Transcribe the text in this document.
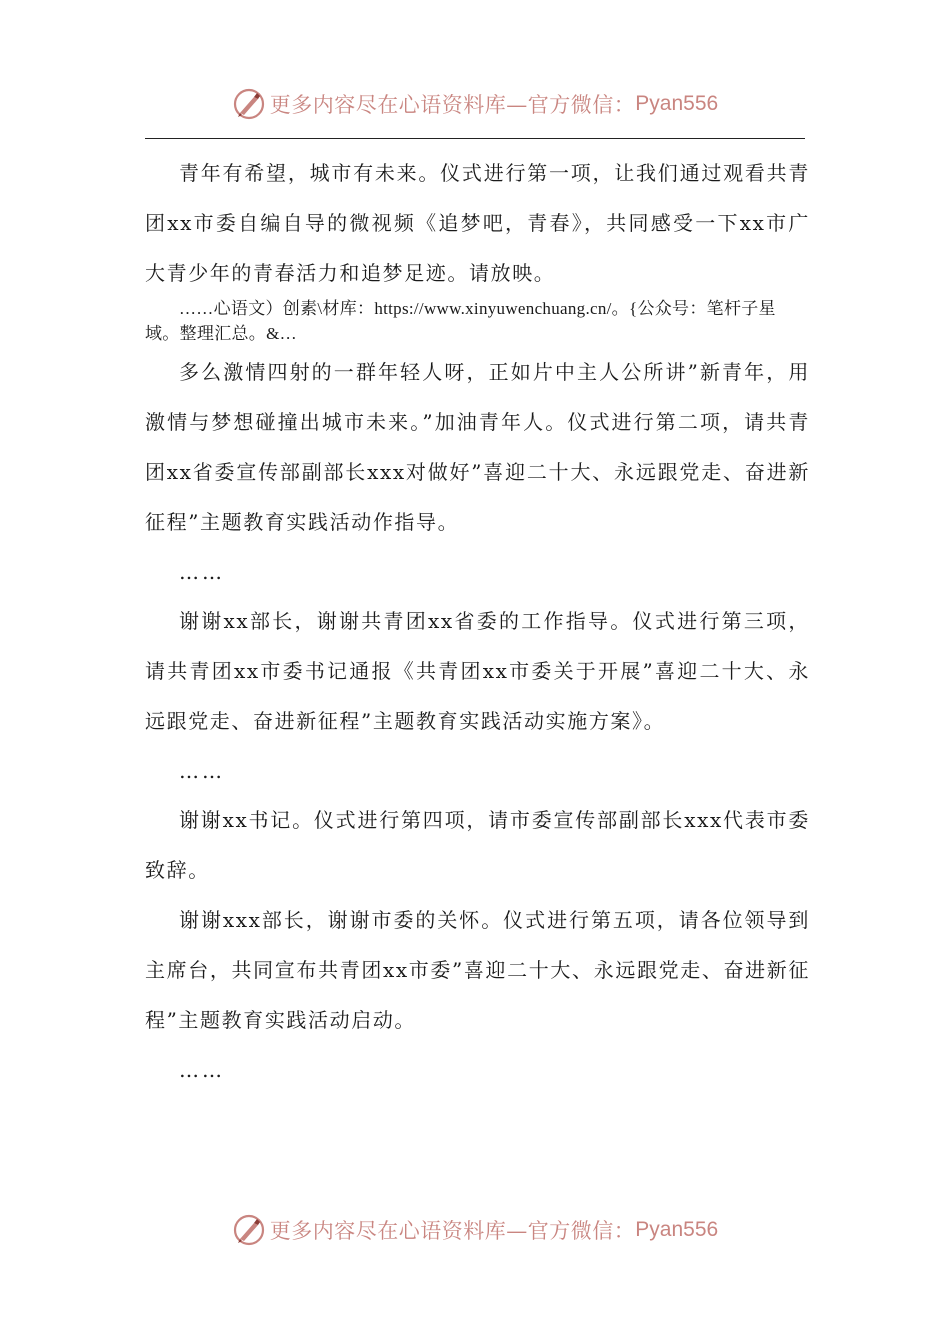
更多内容尽在心语资料库—官方微信： Pyan556

青年有希望，城市有未来。仪式进行第一项，让我们通过观看共青团xx市委自编自导的微视频《追梦吧，青春》，共同感受一下xx市广大青少年的青春活力和追梦足迹。请放映。

……心语文）创素\材库：https://www.xinyuwenchuang.cn/。{公众号：笔杆子星域。整理汇总。&…

多么激情四射的一群年轻人呀，正如片中主人公所讲”新青年，用激情与梦想碰撞出城市未来。”加油青年人。仪式进行第二项，请共青团xx省委宣传部副部长xxx对做好”喜迎二十大、永远跟党走、奋进新征程”主题教育实践活动作指导。

……

谢谢xx部长，谢谢共青团xx省委的工作指导。仪式进行第三项，请共青团xx市委书记通报《共青团xx市委关于开展”喜迎二十大、永远跟党走、奋进新征程”主题教育实践活动实施方案》。

……

谢谢xx书记。仪式进行第四项，请市委宣传部副部长xxx代表市委致辞。

谢谢xxx部长，谢谢市委的关怀。仪式进行第五项，请各位领导到主席台，共同宣布共青团xx市委”喜迎二十大、永远跟党走、奋进新征程”主题教育实践活动启动。

……

更多内容尽在心语资料库—官方微信： Pyan556
